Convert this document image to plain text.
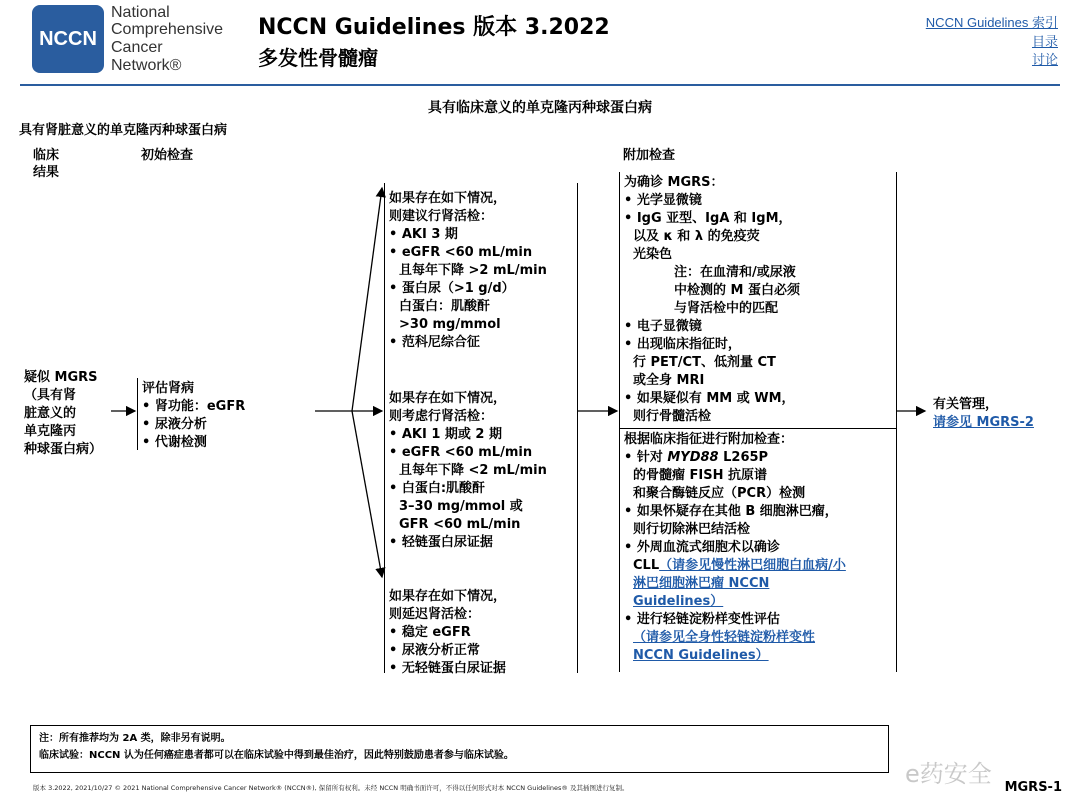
NCCN
National
Comprehensive
Cancer
Network®
NCCN Guidelines 版本 3.2022
多发性骨髓瘤
NCCN Guidelines 索引
目录
讨论
具有临床意义的单克隆丙种球蛋白病
具有肾脏意义的单克隆丙种球蛋白病
临床
结果
初始检查	附加检查
疑似 MGRS
（具有肾
脏意义的
单克隆丙
种球蛋白病）
评估肾病
• 肾功能：eGFR
• 尿液分析
• 代谢检测
如果存在如下情况，
则建议行肾活检：
• AKI 3 期
• eGFR <60 mL/min
且每年下降 >2 mL/min
• 蛋白尿（>1 g/d）
白蛋白：肌酸酐
>30 mg/mmol
• 范科尼综合征
如果存在如下情况，
则考虑行肾活检：
• AKI 1 期或 2 期
• eGFR <60 mL/min
且每年下降 <2 mL/min
• 白蛋白:肌酸酐
3–30 mg/mmol 或
GFR <60 mL/min
• 轻链蛋白尿证据
如果存在如下情况，
则延迟肾活检：
• 稳定 eGFR
• 尿液分析正常
• 无轻链蛋白尿证据
为确诊 MGRS：
• 光学显微镜
• IgG 亚型、IgA 和 IgM，
以及 κ 和 λ 的免疫荧
光染色
注：在血清和/或尿液
中检测的 M 蛋白必须
与肾活检中的匹配
• 电子显微镜
• 出现临床指征时，
行 PET/CT、低剂量 CT
或全身 MRI
• 如果疑似有 MM 或 WM，
则行骨髓活检
根据临床指征进行附加检查：
• 针对 MYD88 L265P
的骨髓瘤 FISH 抗原谱
和聚合酶链反应（PCR）检测
• 如果怀疑存在其他 B 细胞淋巴瘤，
则行切除淋巴结活检
• 外周血流式细胞术以确诊
CLL（请参见慢性淋巴细胞白血病/小
淋巴细胞淋巴瘤 NCCN
Guidelines）
• 进行轻链淀粉样变性评估
（请参见全身性轻链淀粉样变性
NCCN Guidelines）
有关管理，
请参见 MGRS-2
注：所有推荐均为 2A 类，除非另有说明。
临床试验：NCCN 认为任何癌症患者都可以在临床试验中得到最佳治疗，因此特别鼓励患者参与临床试验。
e药安全
版本 3.2022, 2021/10/27 © 2021 National Comprehensive Cancer Network® (NCCN®), 保留所有权利。未经 NCCN 明确书面许可，不得以任何形式对本 NCCN Guidelines® 及其插图进行复制。	MGRS-1
